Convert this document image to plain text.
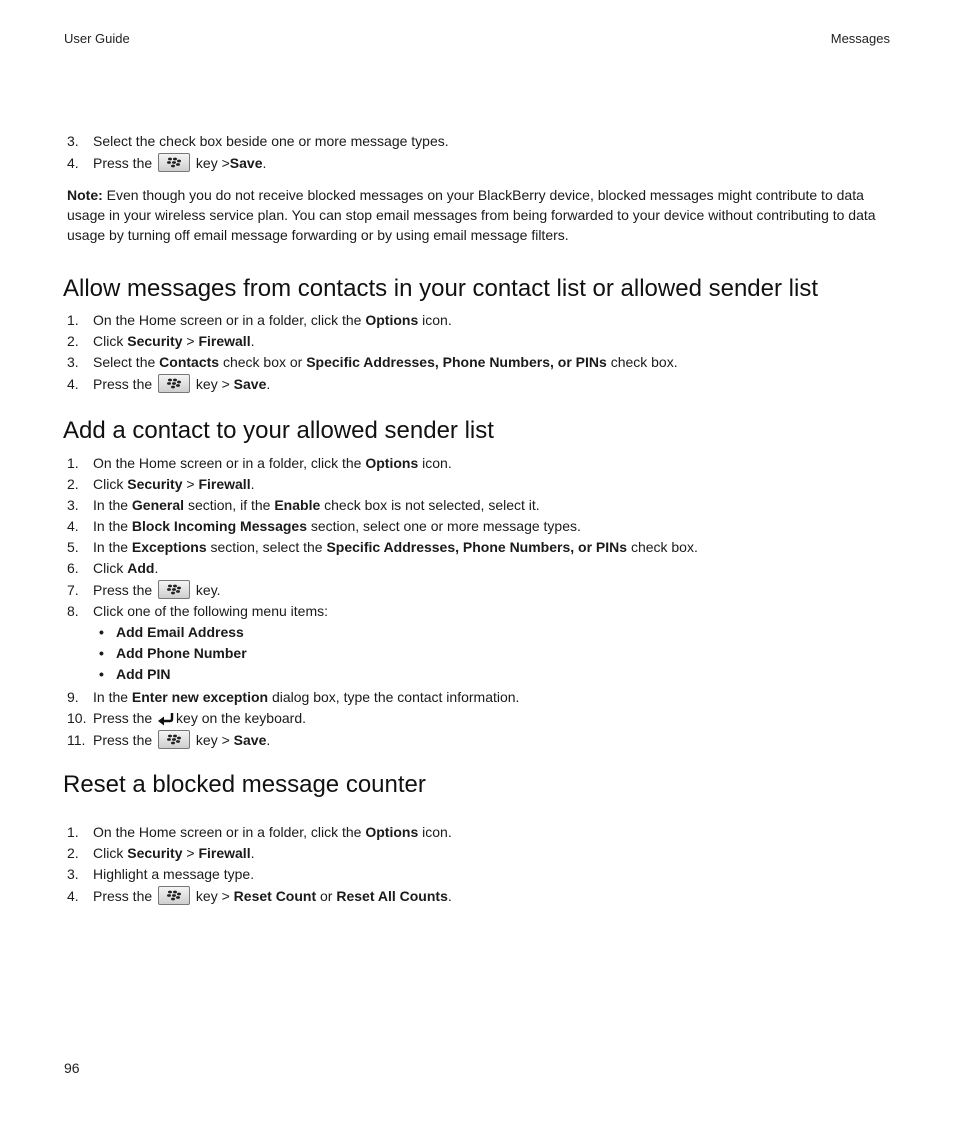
User Guide	Messages
3. Select the check box beside one or more message types.
4. Press the	key >Save.
Note: Even though you do not receive blocked messages on your BlackBerry device, blocked messages might contribute to data usage in your wireless service plan. You can stop email messages from being forwarded to your device without contributing to data usage by turning off email message forwarding or by using email message filters.
Allow messages from contacts in your contact list or allowed sender list
1. On the Home screen or in a folder, click the Options icon.
2. Click Security > Firewall.
3. Select the Contacts check box or Specific Addresses, Phone Numbers, or PINs check box.
4. Press the	key > Save.
Add a contact to your allowed sender list
1. On the Home screen or in a folder, click the Options icon.
2. Click Security > Firewall.
3. In the General section, if the Enable check box is not selected, select it.
4. In the Block Incoming Messages section, select one or more message types.
5. In the Exceptions section, select the Specific Addresses, Phone Numbers, or PINs check box.
6. Click Add.
7. Press the	key.
8. Click one of the following menu items:
• Add Email Address
• Add Phone Number
• Add PIN
9. In the Enter new exception dialog box, type the contact information.
10. Press the key on the keyboard.
11. Press the	key > Save.
Reset a blocked message counter
1. On the Home screen or in a folder, click the Options icon.
2. Click Security > Firewall.
3. Highlight a message type.
4. Press the	key > Reset Count or Reset All Counts.
96
